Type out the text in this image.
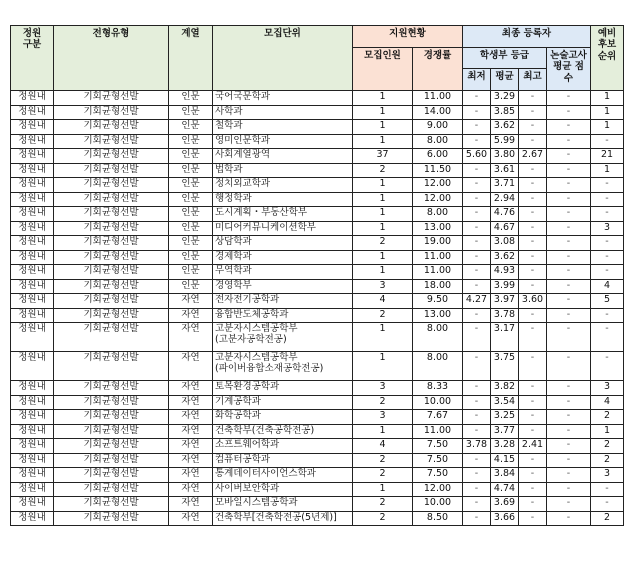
정원
구분	전형유형	계열	모집단위	지원현황		최종 등록자				예비
후보
순위
				모집인원	경쟁률	학생부 등급			논술고사
평균 점
수	
						최저	평균	최고		
정원내	기회균형선발	인문	국어국문학과	1	11.00	-	3.29	-	-	1
정원내	기회균형선발	인문	사학과	1	14.00	-	3.85	-	-	1
정원내	기회균형선발	인문	철학과	1	9.00	-	3.62	-	-	1
정원내	기회균형선발	인문	영미인문학과	1	8.00	-	5.99	-	-	-
정원내	기회균형선발	인문	사회계열광역	37	6.00	5.60	3.80	2.67	-	21
정원내	기회균형선발	인문	법학과	2	11.50	-	3.61	-	-	1
정원내	기회균형선발	인문	정치외교학과	1	12.00	-	3.71	-	-	-
정원내	기회균형선발	인문	행정학과	1	12.00	-	2.94	-	-	-
정원내	기회균형선발	인문	도시계획・부동산학부	1	8.00	-	4.76	-	-	-
정원내	기회균형선발	인문	미디어커뮤니케이션학부	1	13.00	-	4.67	-	-	3
정원내	기회균형선발	인문	상담학과	2	19.00	-	3.08	-	-	-
정원내	기회균형선발	인문	경제학과	1	11.00	-	3.62	-	-	-
정원내	기회균형선발	인문	무역학과	1	11.00	-	4.93	-	-	-
정원내	기회균형선발	인문	경영학부	3	18.00	-	3.99	-	-	4
정원내	기회균형선발	자연	전자전기공학과	4	9.50	4.27	3.97	3.60	-	5
정원내	기회균형선발	자연	융합반도체공학과	2	13.00	-	3.78	-	-	-
정원내	기회균형선발	자연	고분자시스템공학부
(고분자공학전공)	1	8.00	-	3.17	-	-	-
정원내	기회균형선발	자연	고분자시스템공학부
(파이버융합소재공학전공)	1	8.00	-	3.75	-	-	-
정원내	기회균형선발	자연	토목환경공학과	3	8.33	-	3.82	-	-	3
정원내	기회균형선발	자연	기계공학과	2	10.00	-	3.54	-	-	4
정원내	기회균형선발	자연	화학공학과	3	7.67	-	3.25	-	-	2
정원내	기회균형선발	자연	건축학부(건축공학전공)	1	11.00	-	3.77	-	-	1
정원내	기회균형선발	자연	소프트웨어학과	4	7.50	3.78	3.28	2.41	-	2
정원내	기회균형선발	자연	컴퓨터공학과	2	7.50	-	4.15	-	-	2
정원내	기회균형선발	자연	통계데이터사이언스학과	2	7.50	-	3.84	-	-	3
정원내	기회균형선발	자연	사이버보안학과	1	12.00	-	4.74	-	-	-
정원내	기회균형선발	자연	모바일시스템공학과	2	10.00	-	3.69	-	-	-
정원내	기회균형선발	자연	건축학부[건축학전공(5년제)]	2	8.50	-	3.66	-	-	2
